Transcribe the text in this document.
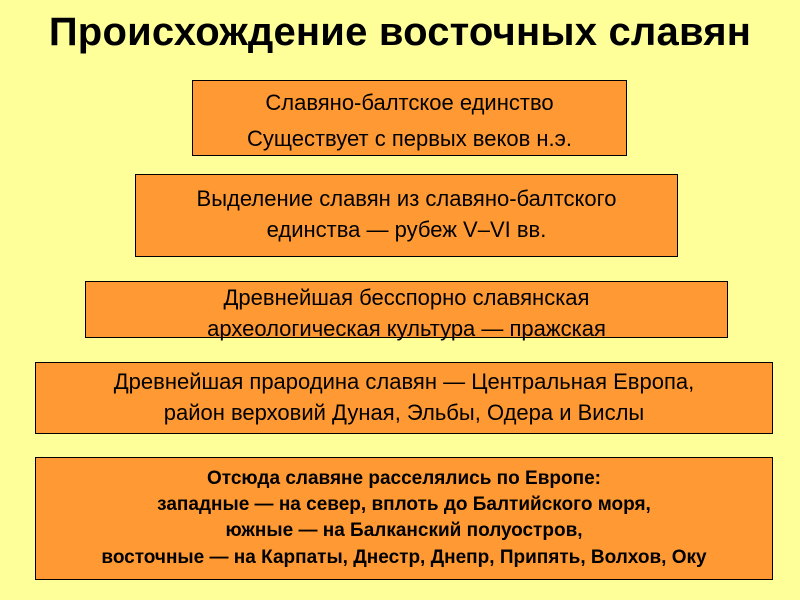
Происхождение восточных славян
Славяно-балтское единство
Существует с первых веков н.э.
Выделение славян из славяно-балтского
единства — рубеж V–VI вв.
Древнейшая бесспорно славянская
археологическая культура — пражская
Древнейшая прародина славян — Центральная Европа,
район верховий Дуная, Эльбы, Одера и Вислы
Отсюда славяне расселялись по Европе:
западные — на север, вплоть до Балтийского моря,
южные — на Балканский полуостров,
восточные — на Карпаты, Днестр, Днепр, Припять, Волхов, Оку
